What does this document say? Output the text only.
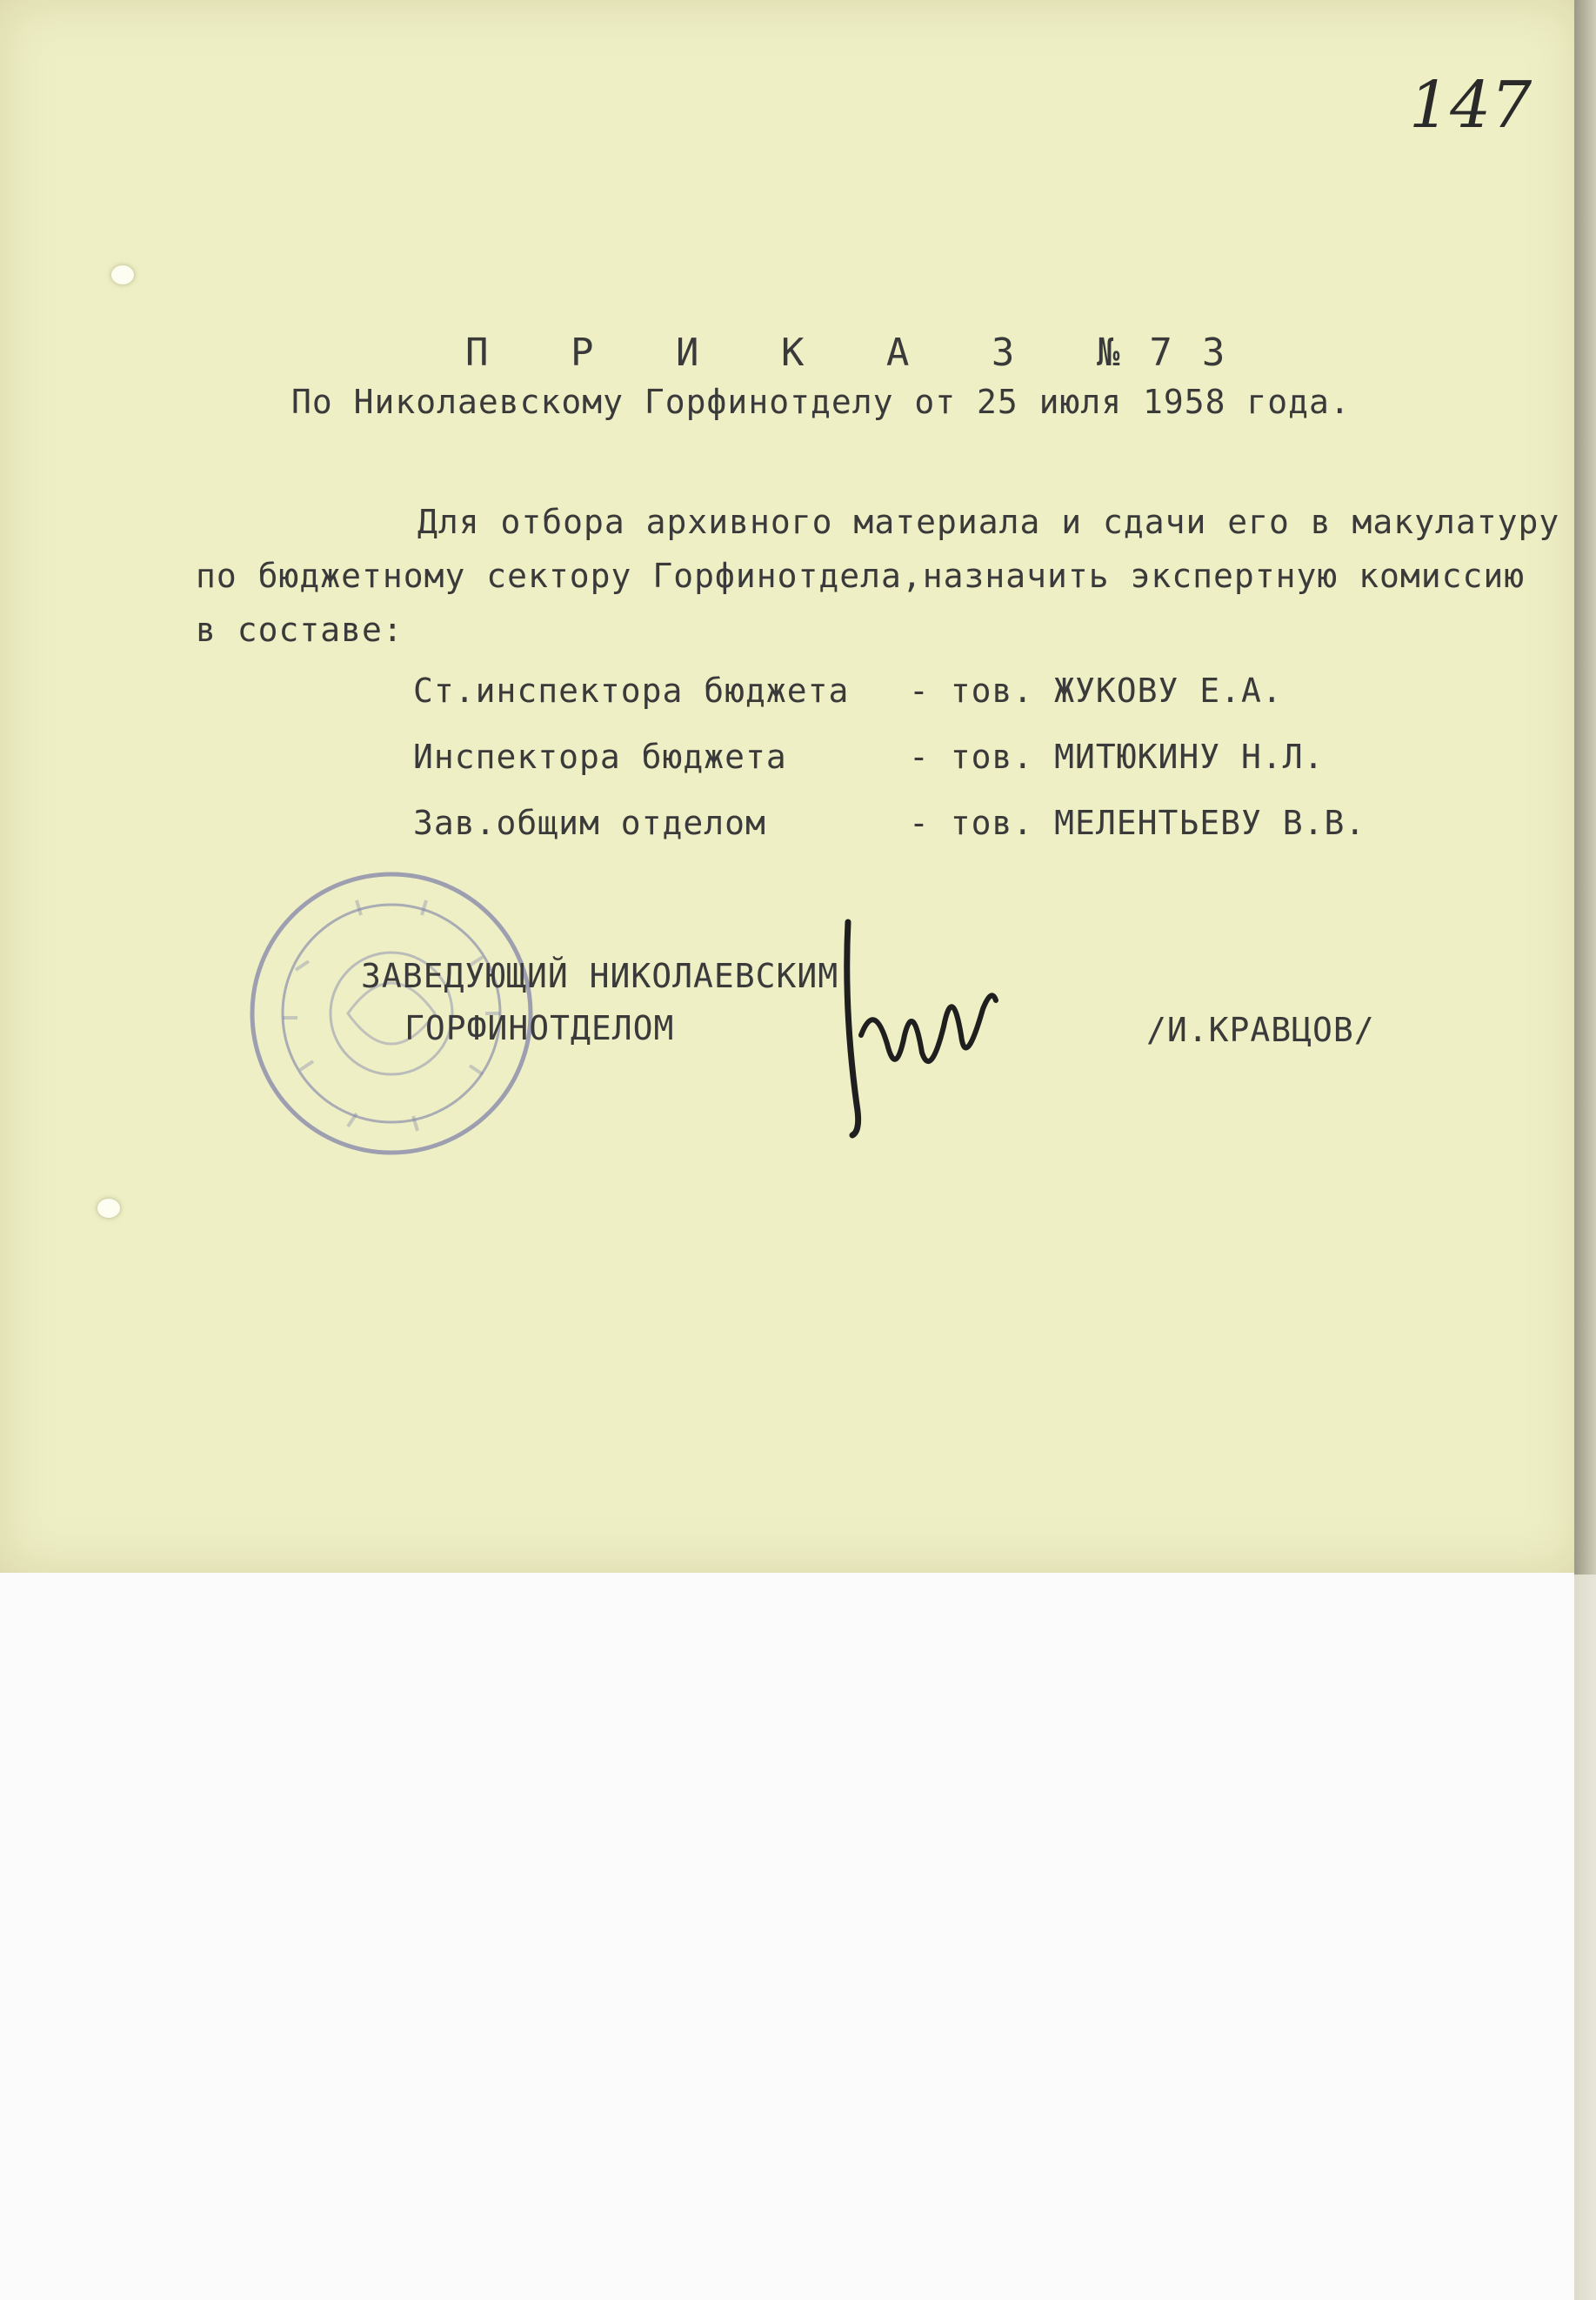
147
П Р И К А З №73
По Николаевскому Горфинотделу от 25 июля 1958 года.
Для отбора архивного материала и сдачи его в макулатуру
по бюджетному сектору Горфинотдела,назначить экспертную комиссию
в составе:
Ст.инспектора бюджета - тов. ЖУКОВУ Е.А.
Инспектора бюджета	- тов. МИТЮКИНУ Н.Л.
Зав.общим отделом	- тов. МЕЛЕНТЬЕВУ В.В.
ЗАВЕДУЮЩИЙ НИКОЛАЕВСКИМ
ГОРФИНОТДЕЛОМ	/И.КРАВЦОВ/
